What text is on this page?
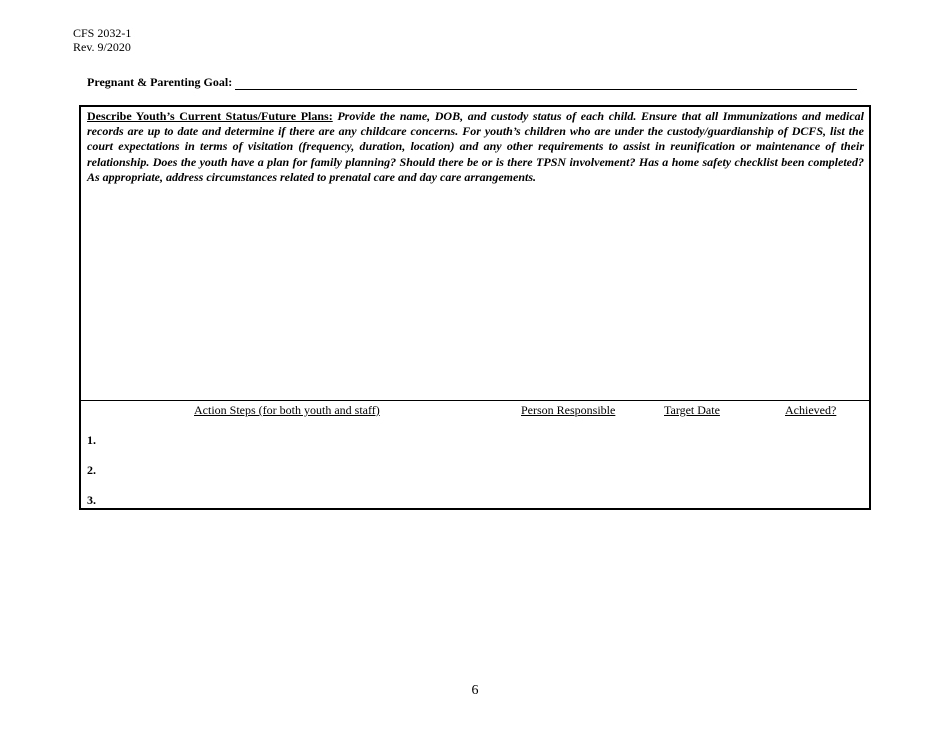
CFS 2032-1
Rev. 9/2020
Pregnant & Parenting Goal:
Describe Youth’s Current Status/Future Plans: Provide the name, DOB, and custody status of each child. Ensure that all Immunizations and medical records are up to date and determine if there are any childcare concerns. For youth’s children who are under the custody/guardianship of DCFS, list the court expectations in terms of visitation (frequency, duration, location) and any other requirements to assist in reunification or maintenance of their relationship. Does the youth have a plan for family planning? Should there be or is there TPSN involvement? Has a home safety checklist been completed? As appropriate, address circumstances related to prenatal care and day care arrangements.
Action Steps (for both youth and staff)	Person Responsible	Target Date	Achieved?
1.
2.
3.
6
